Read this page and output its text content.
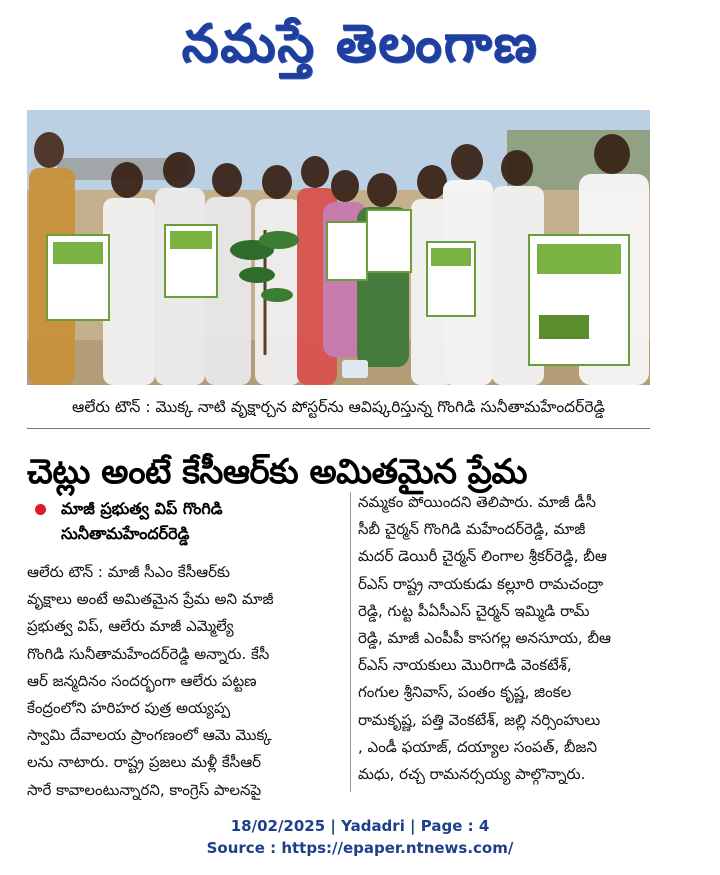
నమస్తే తెలంగాణ
ఆలేరు టౌన్ : మొక్క నాటి వృక్షార్చన పోస్టర్‌ను ఆవిష్కరిస్తున్న గొంగిడి సునీతామహేందర్‌రెడ్డి
చెట్లు అంటే కేసీఆర్‌కు అమితమైన ప్రేమ
మాజీ ప్రభుత్వ విప్ గొంగిడి
సునీతామహేందర్‌రెడ్డి
ఆలేరు టౌన్ : మాజీ సీఎం కేసీఆర్‌కు
వృక్షాలు అంటే అమితమైన ప్రేమ అని మాజీ
ప్రభుత్వ విప్, ఆలేరు మాజీ ఎమ్మెల్యే
గొంగిడి సునీతామహేందర్‌రెడ్డి అన్నారు. కేసీ
ఆర్ జన్మదినం సందర్భంగా ఆలేరు పట్టణ
కేంద్రంలోని హరిహర పుత్ర అయ్యప్ప
స్వామి దేవాలయ ప్రాంగణంలో ఆమె మొక్క
లను నాటారు. రాష్ట్ర ప్రజలు మళ్లీ కేసీఆర్
సారే కావాలంటున్నారని, కాంగ్రెస్ పాలనపై
నమ్మకం పోయిందని తెలిపారు. మాజీ డీసీ
సీబీ చైర్మన్ గొంగిడి మహేందర్‌రెడ్డి, మాజీ
మదర్ డెయిరీ చైర్మన్ లింగాల శ్రీకర్‌రెడ్డి, బీఆ
ర్‌ఎస్ రాష్ట్ర నాయకుడు కల్లూరి రామచంద్రా
రెడ్డి, గుట్ట పీఏసీఎస్ చైర్మన్ ఇమ్మిడి రామ్
రెడ్డి, మాజీ ఎంపీపీ కాసగల్ల అనసూయ, బీఆ
ర్‌ఎస్ నాయకులు మొరిగాడి వెంకటేశ్,
గంగుల శ్రీనివాస్, పంతం కృష్ణ, జింకల
రామకృష్ణ, పత్తి వెంకటేశ్, జల్లి నర్సింహులు
, ఎండీ ఫయాజ్, దయ్యాల సంపత్, బీజని
మధు, రచ్చ రామనర్సయ్య పాల్గొన్నారు.
18/02/2025 | Yadadri | Page : 4
Source : https://epaper.ntnews.com/
